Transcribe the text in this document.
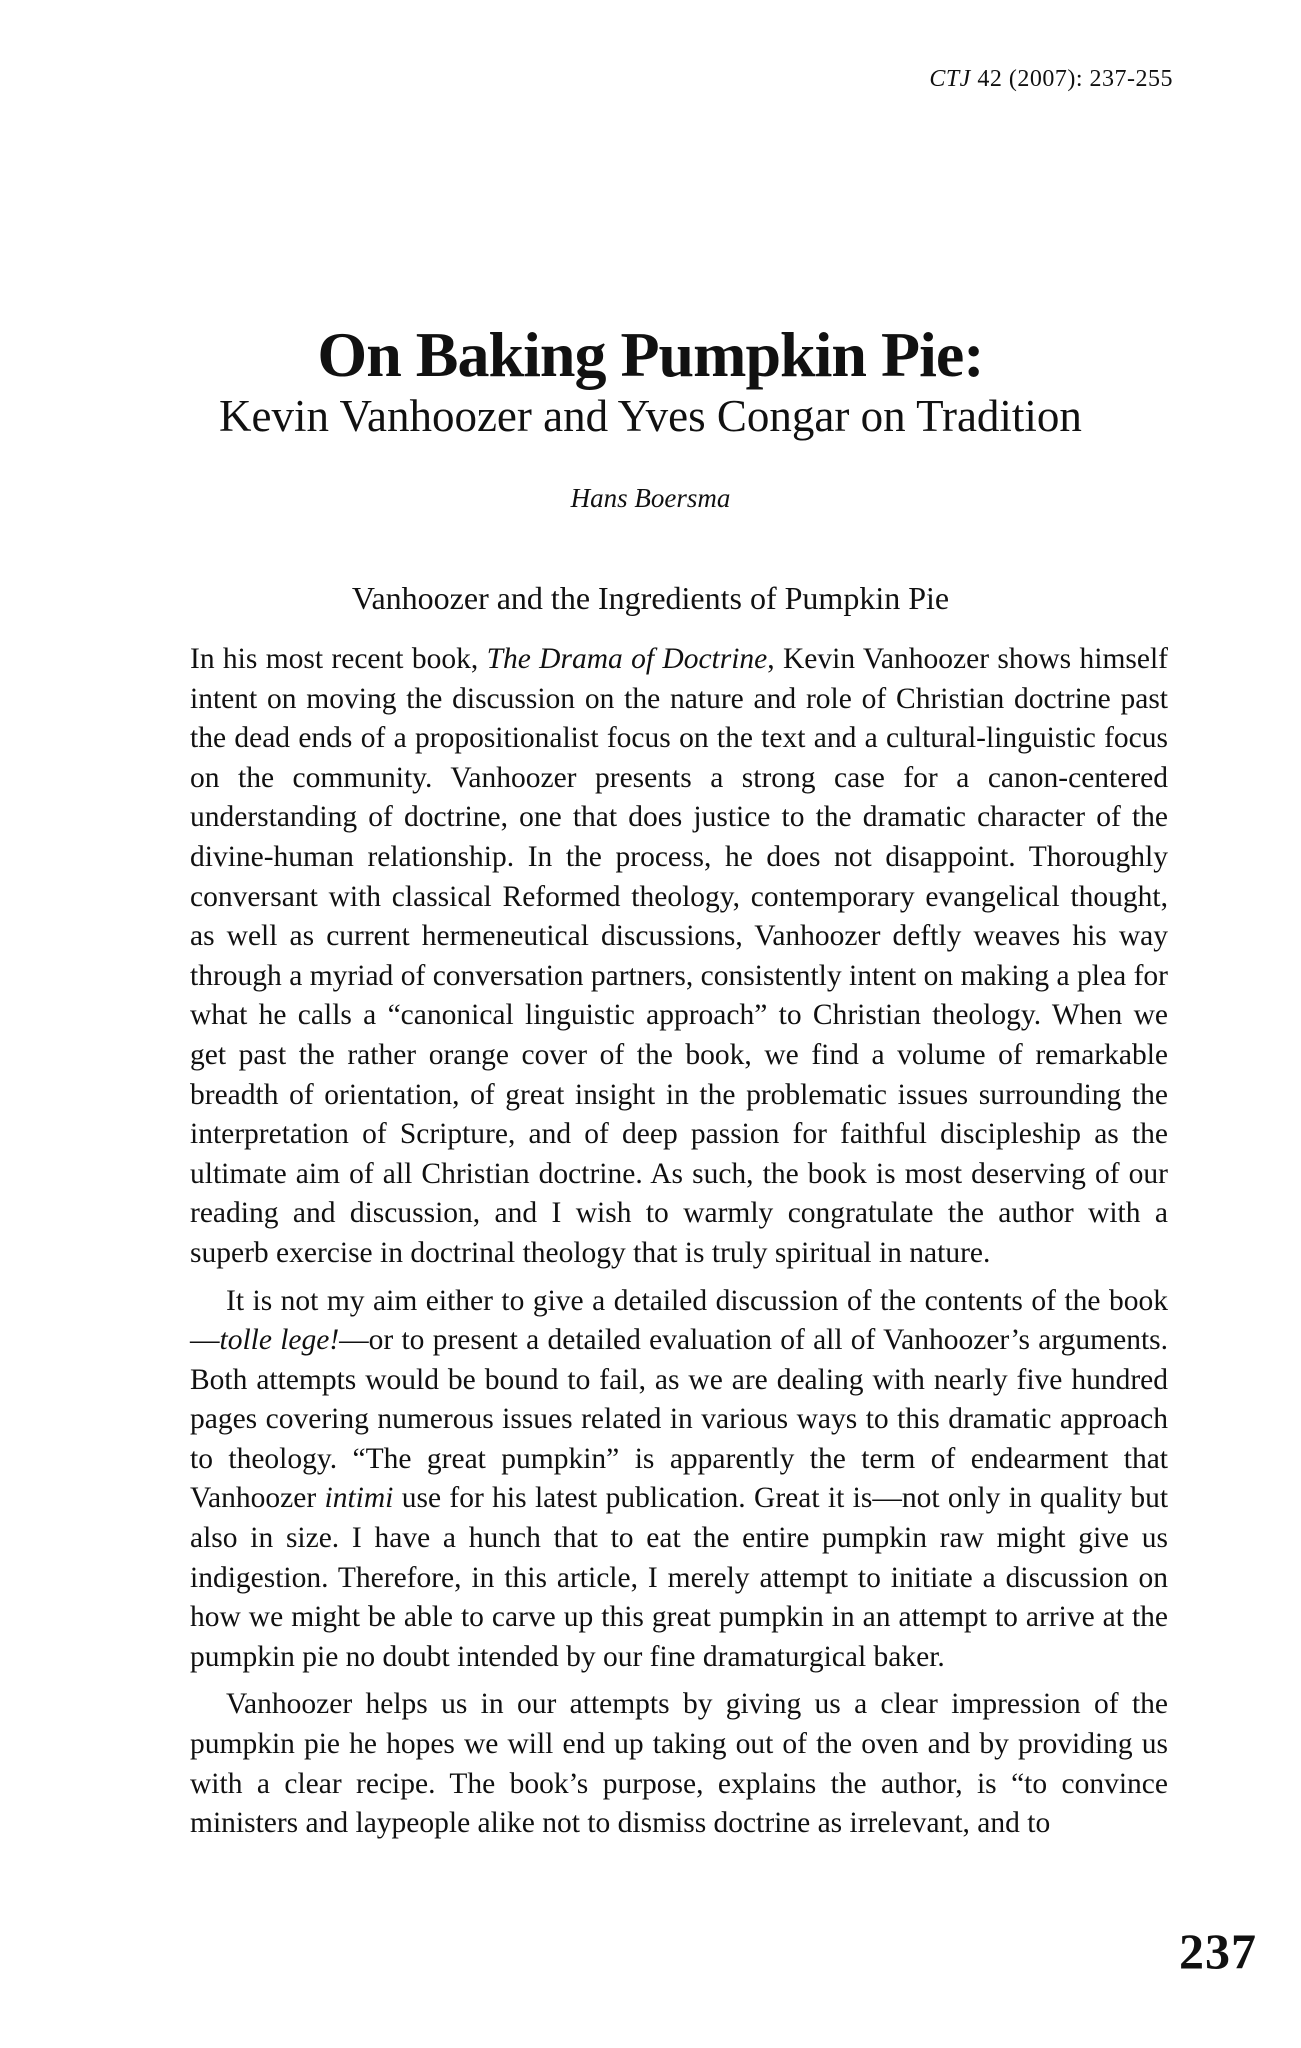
CTJ 42 (2007): 237-255
On Baking Pumpkin Pie:
Kevin Vanhoozer and Yves Congar on Tradition
Hans Boersma
Vanhoozer and the Ingredients of Pumpkin Pie

In his most recent book, The Drama of Doctrine, Kevin Vanhoozer shows himself intent on moving the discussion on the nature and role of Christian doctrine past the dead ends of a propositionalist focus on the text and a cultural-linguistic focus on the community. Vanhoozer presents a strong case for a canon-centered understanding of doctrine, one that does justice to the dramatic character of the divine-human relationship. In the process, he does not disappoint. Thoroughly conversant with classical Reformed theology, contemporary evangelical thought, as well as current hermeneutical discussions, Vanhoozer deftly weaves his way through a myriad of conversation partners, consistently intent on making a plea for what he calls a “canonical linguistic approach” to Christian theology. When we get past the rather orange cover of the book, we find a volume of remarkable breadth of orientation, of great insight in the problematic issues surrounding the interpretation of Scripture, and of deep passion for faithful discipleship as the ultimate aim of all Christian doctrine. As such, the book is most deserving of our reading and discussion, and I wish to warmly congratulate the author with a superb exercise in doctrinal theology that is truly spiritual in nature.

It is not my aim either to give a detailed discussion of the contents of the book—tolle lege!—or to present a detailed evaluation of all of Vanhoozer’s arguments. Both attempts would be bound to fail, as we are dealing with nearly five hundred pages covering numerous issues related in various ways to this dramatic approach to theology. “The great pumpkin” is apparently the term of endearment that Vanhoozer intimi use for his latest publication. Great it is—not only in quality but also in size. I have a hunch that to eat the entire pumpkin raw might give us indigestion. Therefore, in this article, I merely attempt to initiate a discussion on how we might be able to carve up this great pumpkin in an attempt to arrive at the pumpkin pie no doubt intended by our fine dramaturgical baker.

Vanhoozer helps us in our attempts by giving us a clear impression of the pumpkin pie he hopes we will end up taking out of the oven and by providing us with a clear recipe. The book’s purpose, explains the author, is “to convince ministers and laypeople alike not to dismiss doctrine as irrelevant, and to

237
